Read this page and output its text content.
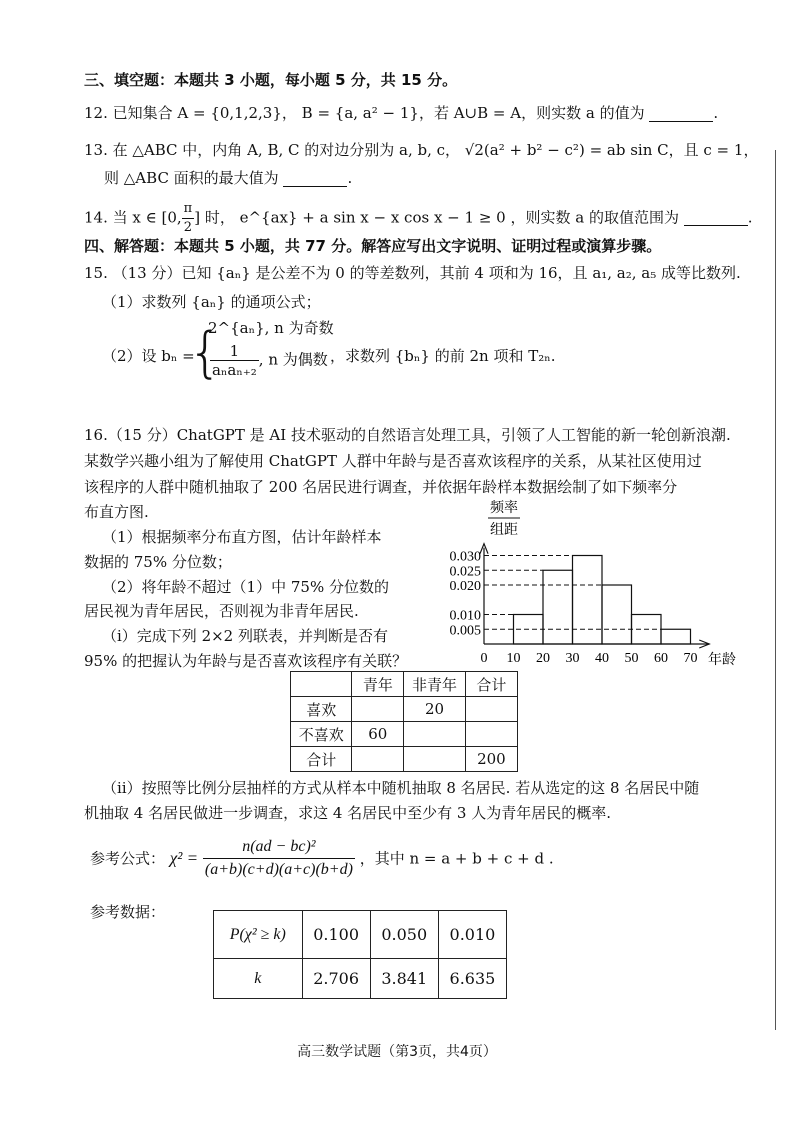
三、填空题：本题共 3 小题，每小题 5 分，共 15 分。
12. 已知集合 A = {0,1,2,3}， B = {a, a² − 1}，若 A∪B = A，则实数 a 的值为	.
13. 在 △ABC 中，内角 A, B, C 的对边分别为 a, b, c， √2(a² + b² − c²) = ab sin C，且 c = 1，
则 △ABC 面积的最大值为	.
14. 当 x ∈ [0, $\frac{\pi}{2}$ ] 时， e^{ax} + a sin x − x cos x − 1 ≥ 0 ，则实数 a 的取值范围为	.
四、解答题：本题共 5 小题，共 77 分。解答应写出文字说明、证明过程或演算步骤。
15. （13 分）已知 {aₙ} 是公差不为 0 的等差数列，其前 4 项和为 16，且 a₁, a₂, a₅ 成等比数列.
（1）求数列 {aₙ} 的通项公式；
（2）设 bₙ =
{
2^{aₙ}, n 为奇数
$\frac{1}{\text{aₙaₙ₊₂}}$ , n 为偶数 ，求数列 {bₙ} 的前 2n 项和 T₂ₙ.
16.（15 分）ChatGPT 是 AI 技术驱动的自然语言处理工具，引领了人工智能的新一轮创新浪潮.
某数学兴趣小组为了解使用 ChatGPT 人群中年龄与是否喜欢该程序的关系，从某社区使用过
该程序的人群中随机抽取了 200 名居民进行调查，并依据年龄样本数据绘制了如下频率分
布直方图.
（1）根据频率分布直方图，估计年龄样本
数据的 75% 分位数；
（2）将年龄不超过（1）中 75% 分位数的
居民视为青年居民，否则视为非青年居民.
（ⅰ）完成下列 2×2 列联表，并判断是否有
95% 的把握认为年龄与是否喜欢该程序有关联？
频率
组距
0.030
0.025
0.020
0.010
0.005
0 10 20 30 40 50 60 70 年龄
	青年	非青年	合计
喜欢		20	
不喜欢	60		
合计			200
（ⅱ）按照等比例分层抽样的方式从样本中随机抽取 8 名居民. 若从选定的这 8 名居民中随
机抽取 4 名居民做进一步调查，求这 4 名居民中至少有 3 人为青年居民的概率.
参考公式： $\chi^2 = \frac{\text{n(ad − bc)²}}{(a+b)(c+d)(a+c)(b+d)}$ ，其中 n = a + b + c + d .
参考数据：
P(χ² ≥ k)	0.100	0.050	0.010
k	2.706	3.841	6.635
高三数学试题（第3页，共4页）
